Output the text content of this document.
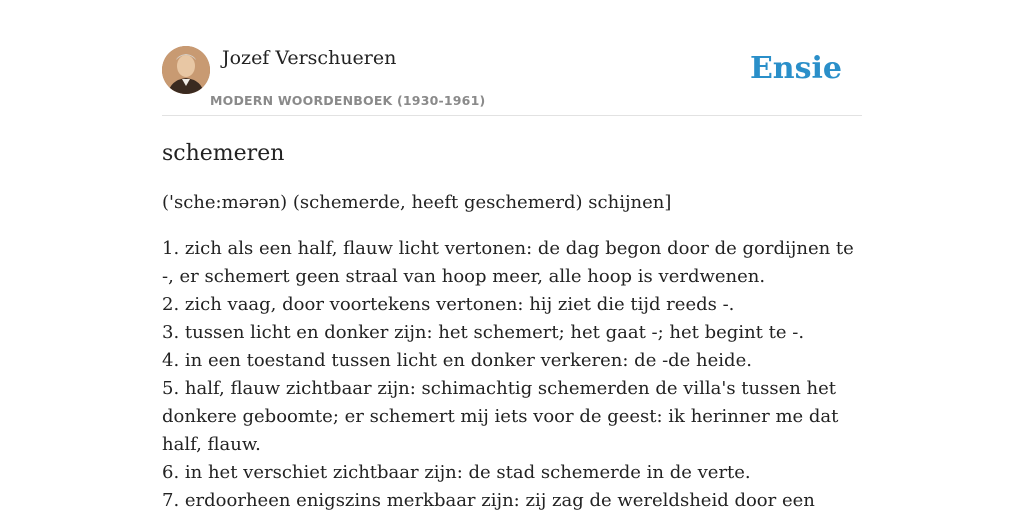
Jozef Verschueren
MODERN WOORDENBOEK (1930-1961)
Ensie
schemeren

('sche:mərən) (schemerde, heeft geschemerd) schijnen]

1. zich als een half, flauw licht vertonen: de dag begon door de gordijnen te -, er schemert geen straal van hoop meer, alle hoop is verdwenen.
2. zich vaag, door voortekens vertonen: hij ziet die tijd reeds -.
3. tussen licht en donker zijn: het schemert; het gaat -; het begint te -.
4. in een toestand tussen licht en donker verkeren: de -de heide.
5. half, flauw zichtbaar zijn: schimachtig schemerden de villa's tussen het donkere geboomte; er schemert mij iets voor de geest: ik herinner me dat half, flauw.
6. in het verschiet zichtbaar zijn: de stad schemerde in de verte.
7. erdoorheen enigszins merkbaar zijn: zij zag de wereldsheid door een
